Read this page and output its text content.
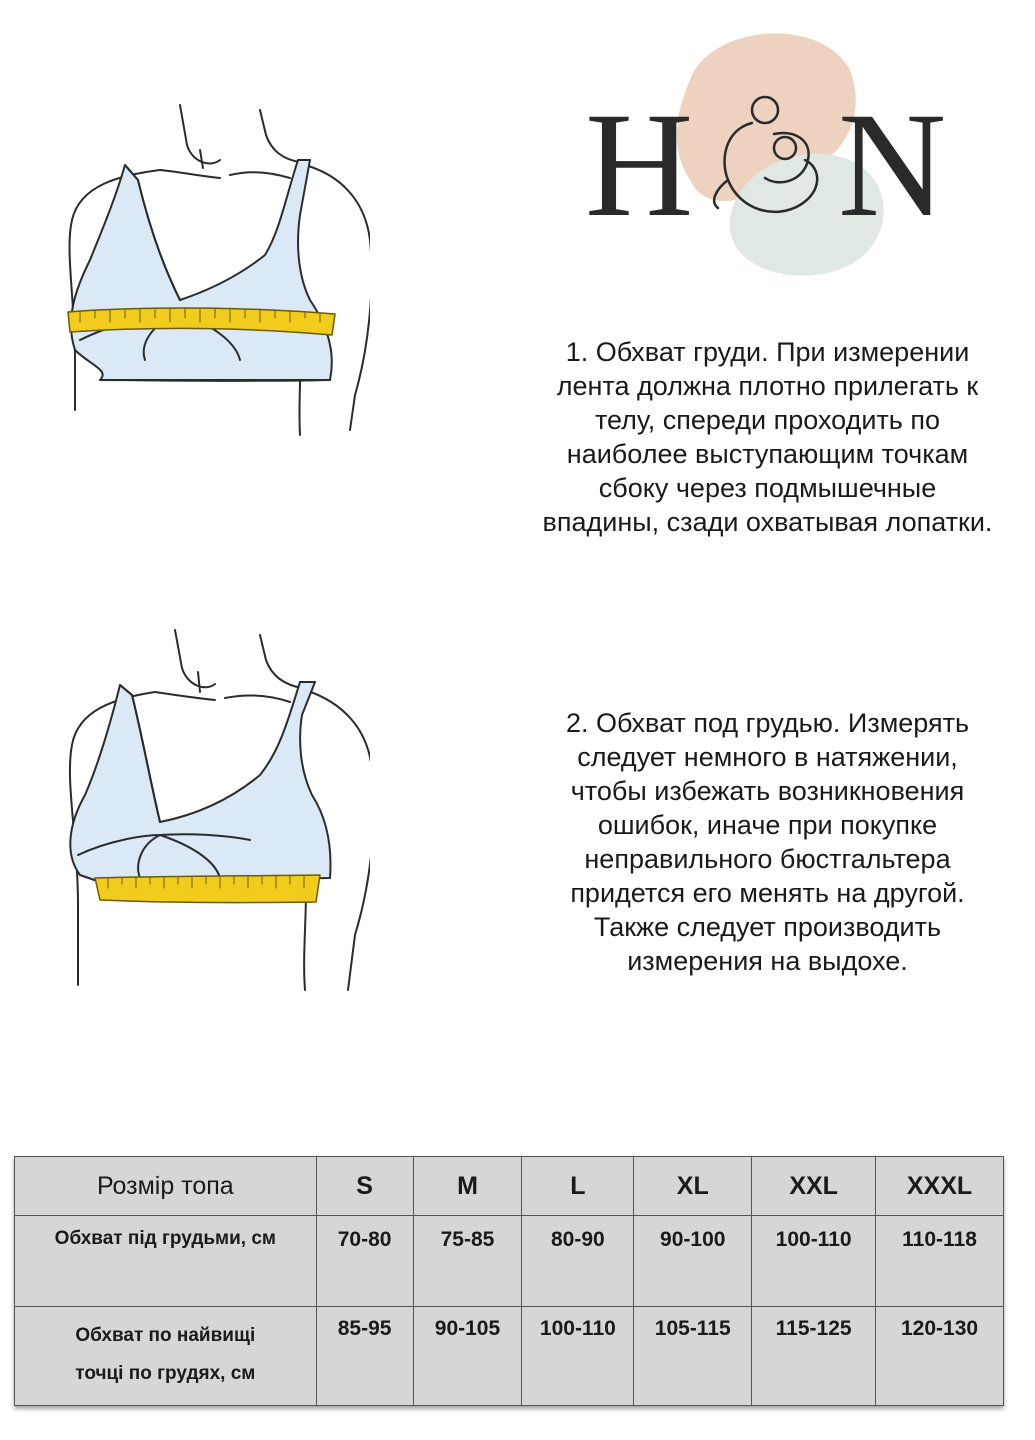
H N
1. Обхват груди. При измерении
лента должна плотно прилегать к
телу, спереди проходить по
наиболее выступающим точкам
сбоку через подмышечные
впадины, сзади охватывая лопатки.
2. Обхват под грудью. Измерять
следует немного в натяжении,
чтобы избежать возникновения
ошибок, иначе при покупке
неправильного бюстгальтера
придется его менять на другой.
Также следует производить
измерения на выдохе.
Розмір топа	S	M	L	XL	XXL	XXXL

Обхват під грудьми, см	70-80	75-85	80-90	90-100	100-110	110-118

Обхват по найвищі
точці по грудях, см	85-95	90-105	100-110	105-115	115-125	120-130
